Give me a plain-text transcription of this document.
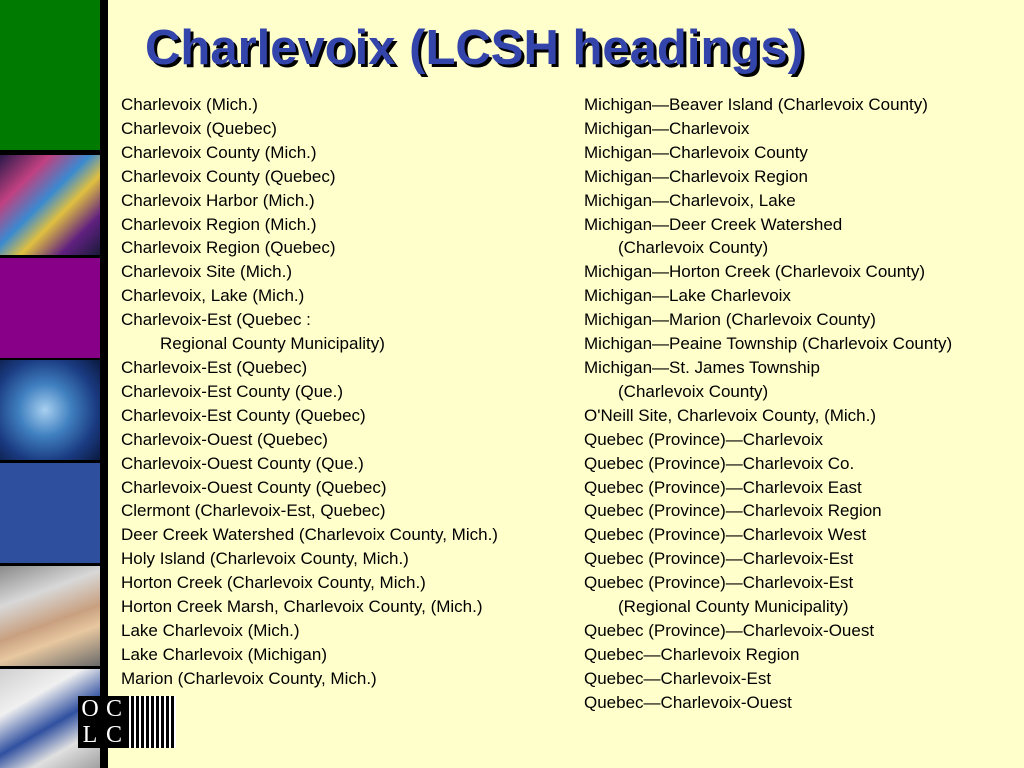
O C
L C
Charlevoix (LCSH headings)
Charlevoix (Mich.)
Charlevoix (Quebec)
Charlevoix County (Mich.)
Charlevoix County (Quebec)
Charlevoix Harbor (Mich.)
Charlevoix Region (Mich.)
Charlevoix Region (Quebec)
Charlevoix Site (Mich.)
Charlevoix, Lake (Mich.)
Charlevoix-Est (Quebec :
Regional County Municipality)
Charlevoix-Est (Quebec)
Charlevoix-Est County (Que.)
Charlevoix-Est County (Quebec)
Charlevoix-Ouest (Quebec)
Charlevoix-Ouest County (Que.)
Charlevoix-Ouest County (Quebec)
Clermont (Charlevoix-Est, Quebec)
Deer Creek Watershed (Charlevoix County, Mich.)
Holy Island (Charlevoix County, Mich.)
Horton Creek (Charlevoix County, Mich.)
Horton Creek Marsh, Charlevoix County, (Mich.)
Lake Charlevoix (Mich.)
Lake Charlevoix (Michigan)
Marion (Charlevoix County, Mich.)
Michigan—Beaver Island (Charlevoix County)
Michigan—Charlevoix
Michigan—Charlevoix County
Michigan—Charlevoix Region
Michigan—Charlevoix, Lake
Michigan—Deer Creek Watershed
(Charlevoix County)
Michigan—Horton Creek (Charlevoix County)
Michigan—Lake Charlevoix
Michigan—Marion (Charlevoix County)
Michigan—Peaine Township (Charlevoix County)
Michigan—St. James Township
(Charlevoix County)
O'Neill Site, Charlevoix County, (Mich.)
Quebec (Province)—Charlevoix
Quebec (Province)—Charlevoix Co.
Quebec (Province)—Charlevoix East
Quebec (Province)—Charlevoix Region
Quebec (Province)—Charlevoix West
Quebec (Province)—Charlevoix-Est
Quebec (Province)—Charlevoix-Est
(Regional County Municipality)
Quebec (Province)—Charlevoix-Ouest
Quebec—Charlevoix Region
Quebec—Charlevoix-Est
Quebec—Charlevoix-Ouest
